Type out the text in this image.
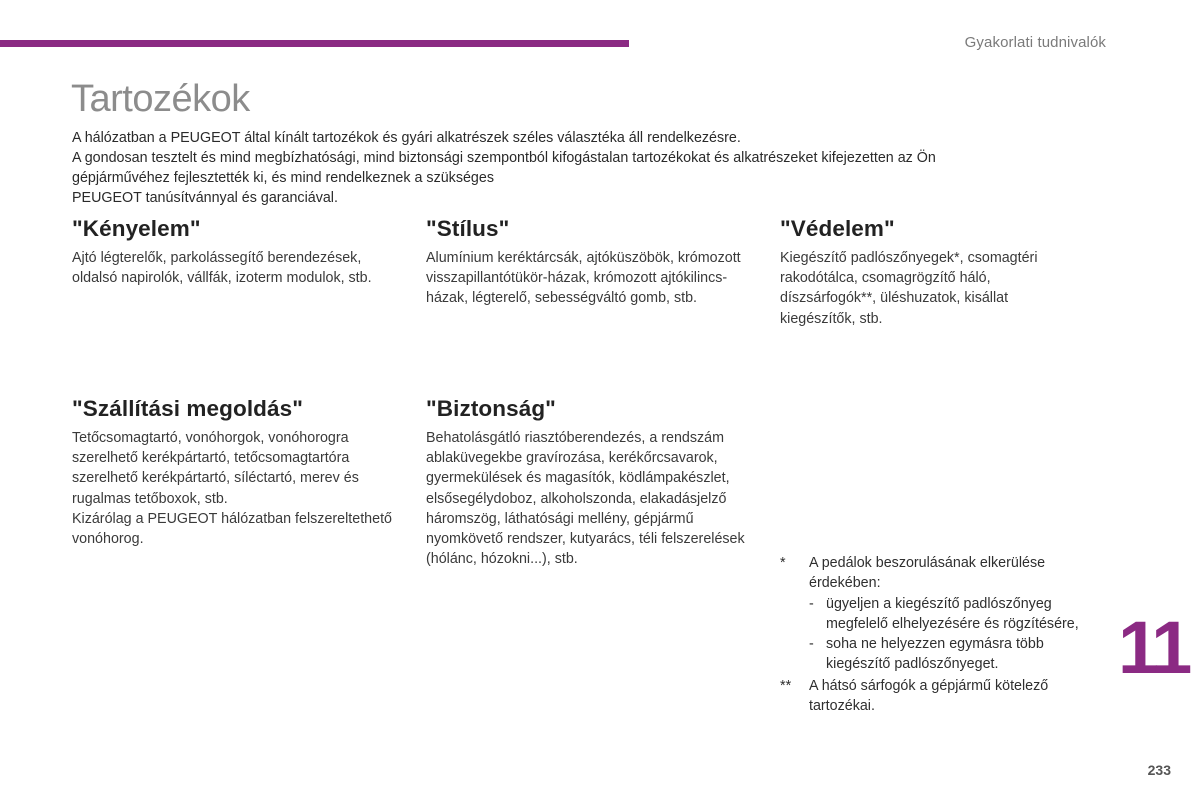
Gyakorlati tudnivalók
Tartozékok

A hálózatban a PEUGEOT által kínált tartozékok és gyári alkatrészek széles választéka áll rendelkezésre.

A gondosan tesztelt és mind megbízhatósági, mind biztonsági szempontból kifogástalan tartozékokat és alkatrészeket kifejezetten az Ön gépjárművéhez fejlesztették ki, és mind rendelkeznek a szükséges

PEUGEOT tanúsítvánnyal és garanciával.

"Kényelem"

Ajtó légterelők, parkolássegítő berendezések, oldalsó napirolók, vállfák, izoterm modulok, stb.

"Stílus"

Alumínium keréktárcsák, ajtóküszöbök, krómozott visszapillantótükör-házak, krómozott ajtókilincs-házak, légterelő, sebességváltó gomb, stb.

"Védelem"

Kiegészítő padlószőnyegek*, csomagtéri rakodótálca, csomagrögzítő háló, díszsárfogók**, üléshuzatok, kisállat kiegészítők, stb.

"Szállítási megoldás"

Tetőcsomagtartó, vonóhorgok, vonóhorogra szerelhető kerékpártartó, tetőcsomagtartóra szerelhető kerékpártartó, síléctartó, merev és rugalmas tetőboxok, stb.

Kizárólag a PEUGEOT hálózatban felszereltethető vonóhorog.

"Biztonság"

Behatolásgátló riasztóberendezés, a rendszám ablaküvegekbe gravírozása, kerékőrcsavarok, gyermekülések és magasítók, ködlámpakészlet, elsősegélydoboz, alkoholszonda, elakadásjelző háromszög, láthatósági mellény, gépjármű nyomkövető rendszer, kutyarács, téli felszerelések (hólánc, hózokni...), stb.	*	A pedálok beszorulásának elkerülése érdekében:
- ügyeljen a kiegészítő padlószőnyeg megfelelő elhelyezésére és rögzítésére,
- soha ne helyezzen egymásra több kiegészítő padlószőnyeget.
**	A hátsó sárfogók a gépjármű kötelező tartozékai.
11
233
